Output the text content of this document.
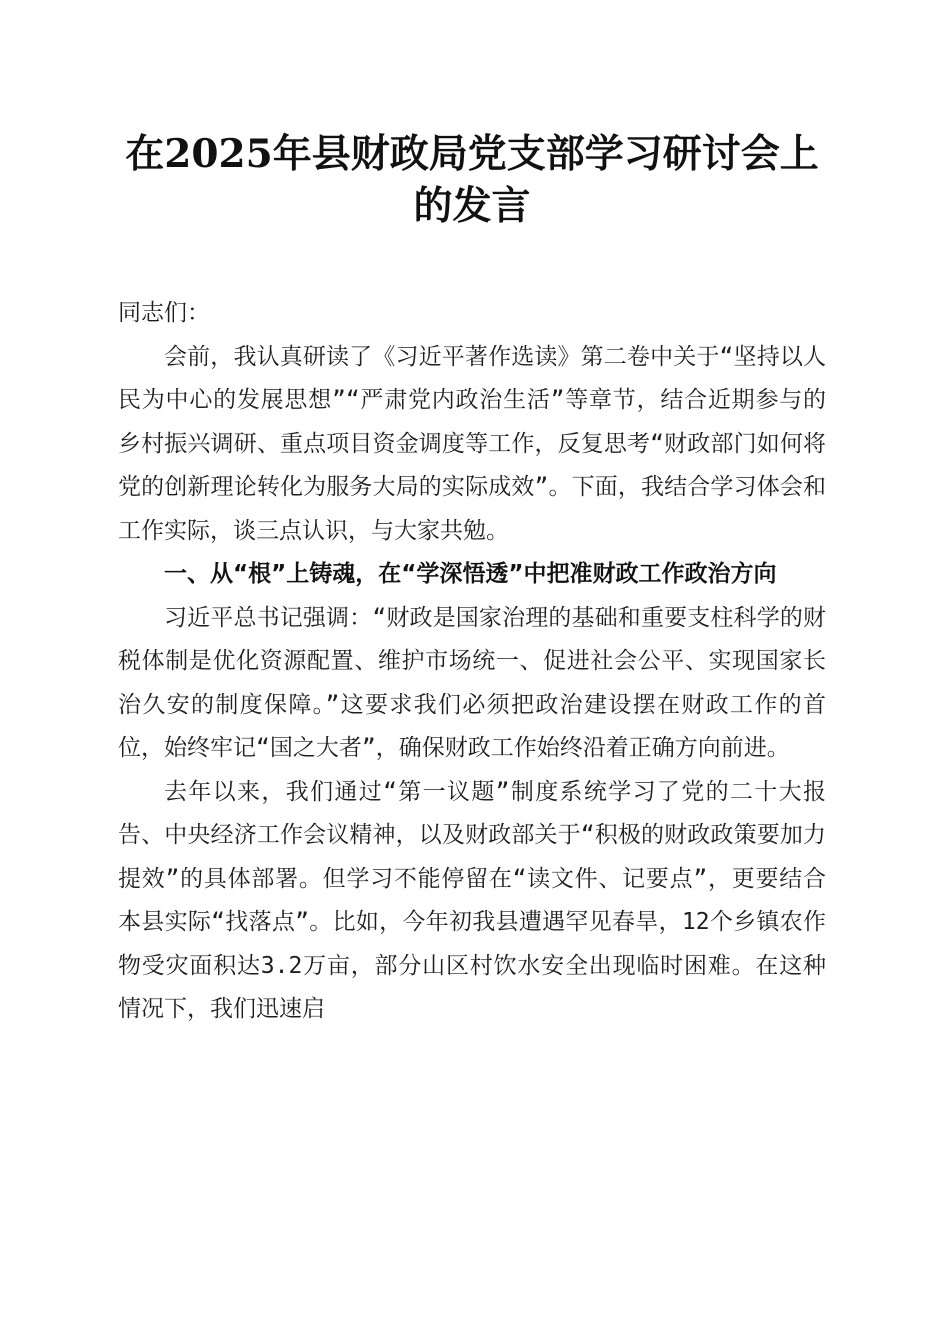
在2025年县财政局党支部学习研讨会上的发言

同志们：

会前，我认真研读了《习近平著作选读》第二卷中关于“坚持以人民为中心的发展思想”“严肃党内政治生活”等章节，结合近期参与的乡村振兴调研、重点项目资金调度等工作，反复思考“财政部门如何将党的创新理论转化为服务大局的实际成效”。下面，我结合学习体会和工作实际，谈三点认识，与大家共勉。

一、从“根”上铸魂，在“学深悟透”中把准财政工作政治方向

习近平总书记强调：“财政是国家治理的基础和重要支柱科学的财税体制是优化资源配置、维护市场统一、促进社会公平、实现国家长治久安的制度保障。”这要求我们必须把政治建设摆在财政工作的首位，始终牢记“国之大者”，确保财政工作始终沿着正确方向前进。

去年以来，我们通过“第一议题”制度系统学习了党的二十大报告、中央经济工作会议精神，以及财政部关于“积极的财政政策要加力提效”的具体部署。但学习不能停留在“读文件、记要点”，更要结合本县实际“找落点”。比如，今年初我县遭遇罕见春旱，12个乡镇农作物受灾面积达3.2万亩，部分山区村饮水安全出现临时困难。在这种情况下，我们迅速启
